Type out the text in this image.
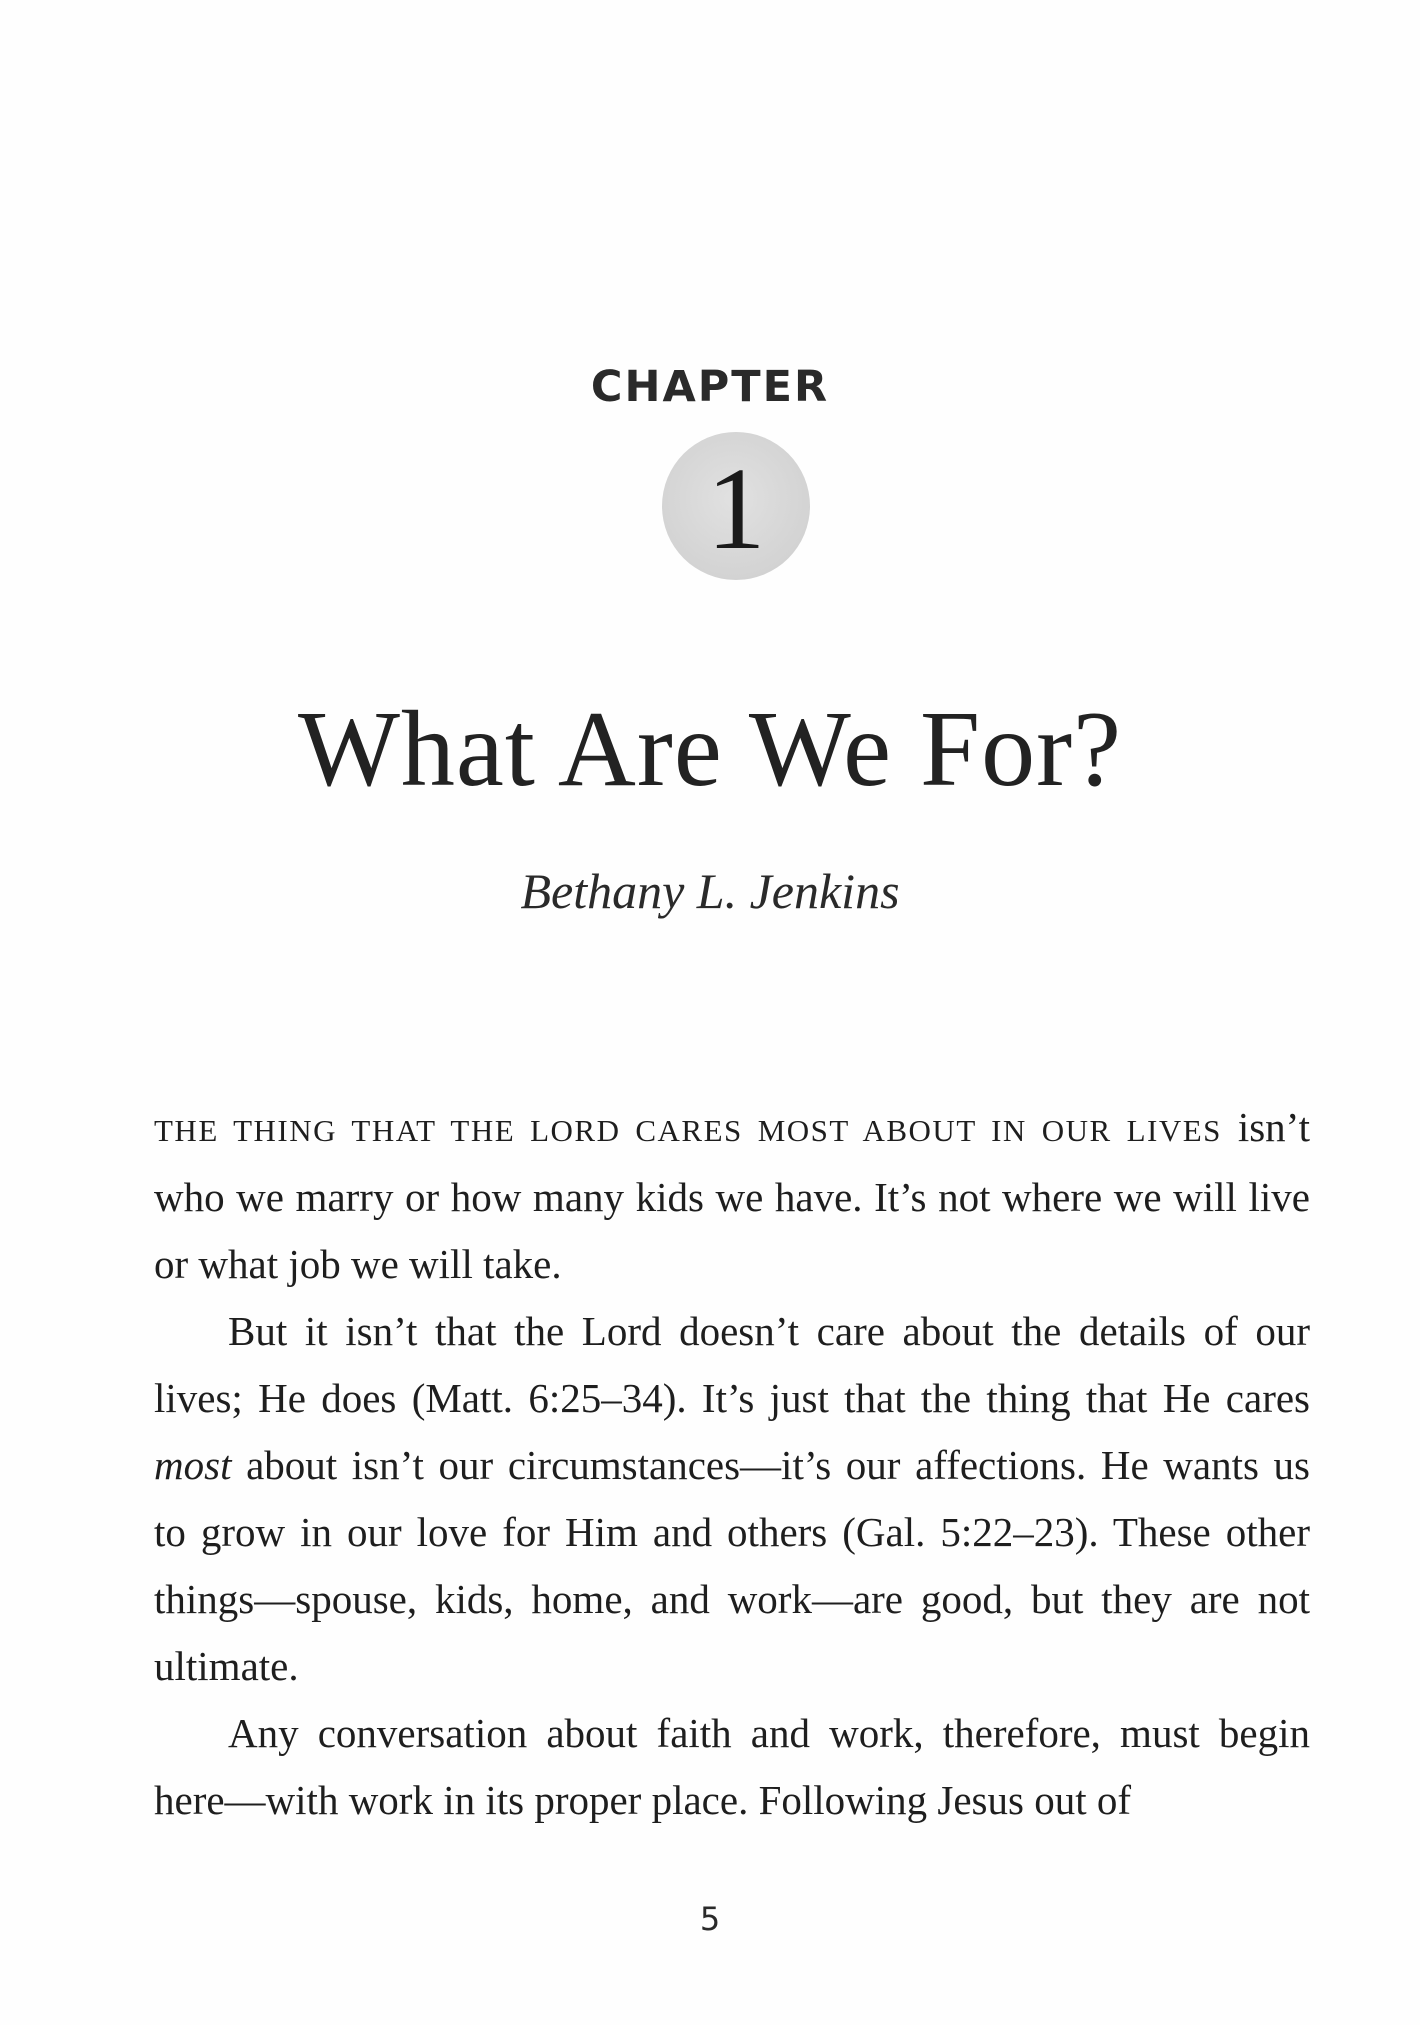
CHAPTER
1
What Are We For?
Bethany L. Jenkins

THE THING THAT THE LORD CARES MOST ABOUT IN OUR LIVES isn’t who we marry or how many kids we have. It’s not where we will live or what job we will take.

But it isn’t that the Lord doesn’t care about the details of our lives; He does (Matt. 6:25–34). It’s just that the thing that He cares most about isn’t our circumstances—it’s our affections. He wants us to grow in our love for Him and others (Gal. 5:22–23). These other things—spouse, kids, home, and work—are good, but they are not ultimate.

Any conversation about faith and work, therefore, must begin here—with work in its proper place. Following Jesus out of

5
